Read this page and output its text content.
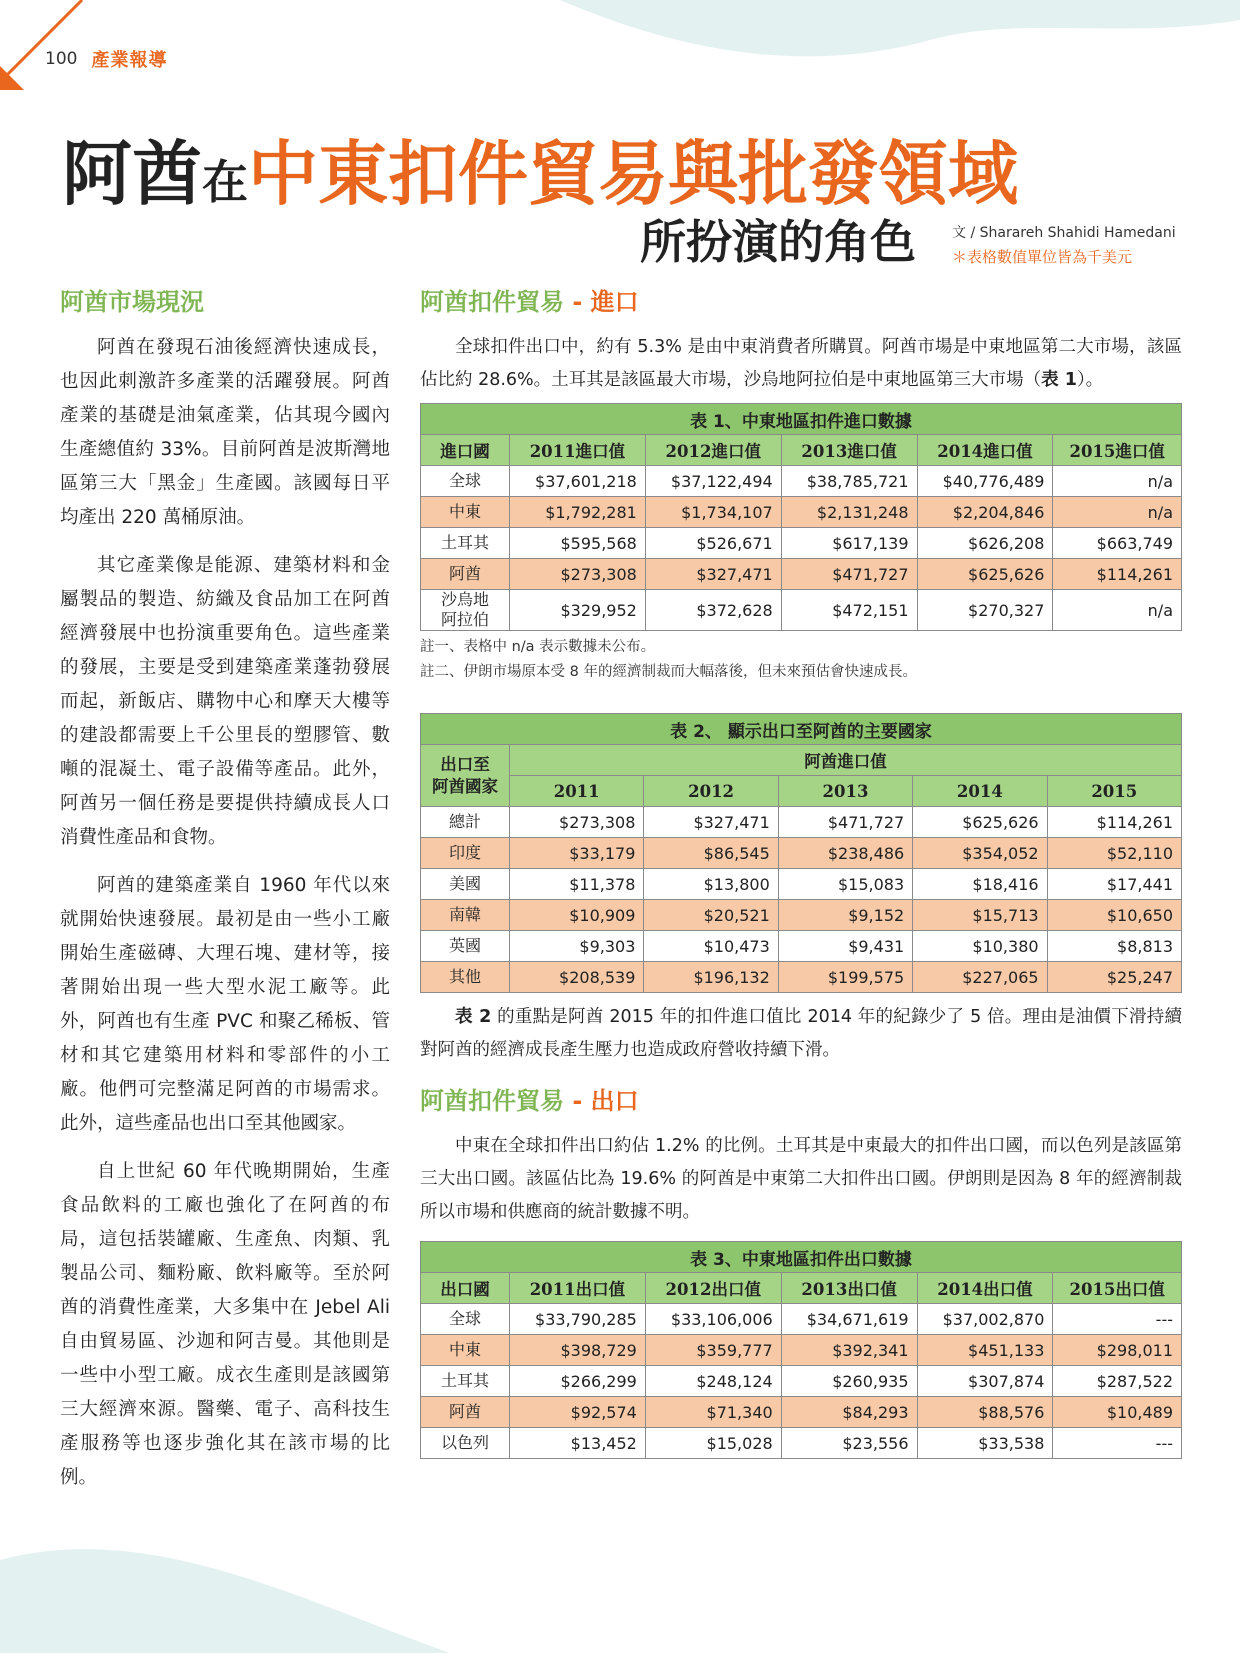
100 產業報導
阿酋在中東扣件貿易與批發領域
所扮演的角色	文 / Sharareh Shahidi Hamedani
＊表格數值單位皆為千美元
阿酋市場現況

阿酋在發現石油後經濟快速成長，也因此刺激許多產業的活躍發展。阿酋產業的基礎是油氣產業，佔其現今國內生產總值約 33%。目前阿酋是波斯灣地區第三大「黑金」生產國。該國每日平均產出 220 萬桶原油。

其它產業像是能源、建築材料和金屬製品的製造、紡織及食品加工在阿酋經濟發展中也扮演重要角色。這些產業的發展，主要是受到建築產業蓬勃發展而起，新飯店、購物中心和摩天大樓等的建設都需要上千公里長的塑膠管、數噸的混凝土、電子設備等產品。此外，阿酋另一個任務是要提供持續成長人口消費性產品和食物。

阿酋的建築產業自 1960 年代以來就開始快速發展。最初是由一些小工廠開始生產磁磚、大理石塊、建材等，接著開始出現一些大型水泥工廠等。此外，阿酋也有生產 PVC 和聚乙稀板、管材和其它建築用材料和零部件的小工廠。他們可完整滿足阿酋的市場需求。此外，這些產品也出口至其他國家。

自上世紀 60 年代晚期開始，生產食品飲料的工廠也強化了在阿酋的布局，這包括裝罐廠、生產魚、肉類、乳製品公司、麵粉廠、飲料廠等。至於阿酋的消費性產業，大多集中在 Jebel Ali 自由貿易區、沙迦和阿吉曼。其他則是一些中小型工廠。成衣生產則是該國第三大經濟來源。醫藥、電子、高科技生產服務等也逐步強化其在該市場的比例。

阿酋扣件貿易 - 進口

全球扣件出口中，約有 5.3% 是由中東消費者所購買。阿酋市場是中東地區第二大市場，該區佔比約 28.6%。土耳其是該區最大市場，沙烏地阿拉伯是中東地區第三大市場（表 1）。

表 1、中東地區扣件進口數據					
進口國	2011進口值	2012進口值	2013進口值	2014進口值	2015進口值
全球	$37,601,218	$37,122,494	$38,785,721	$40,776,489	n/a
中東	$1,792,281	$1,734,107	$2,131,248	$2,204,846	n/a
土耳其	$595,568	$526,671	$617,139	$626,208	$663,749
阿酋	$273,308	$327,471	$471,727	$625,626	$114,261
沙烏地
阿拉伯	$329,952	$372,628	$472,151	$270,327	n/a
註一、表格中 n/a 表示數據未公布。
註二、伊朗市場原本受 8 年的經濟制裁而大幅落後，但未來預估會快速成長。
表 2、 顯示出口至阿酋的主要國家					
出口至
阿酋國家	阿酋進口值				
	2011	2012	2013	2014	2015
總計	$273,308	$327,471	$471,727	$625,626	$114,261
印度	$33,179	$86,545	$238,486	$354,052	$52,110
美國	$11,378	$13,800	$15,083	$18,416	$17,441
南韓	$10,909	$20,521	$9,152	$15,713	$10,650
英國	$9,303	$10,473	$9,431	$10,380	$8,813
其他	$208,539	$196,132	$199,575	$227,065	$25,247

表 2 的重點是阿酋 2015 年的扣件進口值比 2014 年的紀錄少了 5 倍。理由是油價下滑持續對阿酋的經濟成長產生壓力也造成政府營收持續下滑。

阿酋扣件貿易 - 出口

中東在全球扣件出口約佔 1.2% 的比例。土耳其是中東最大的扣件出口國，而以色列是該區第三大出口國。該區佔比為 19.6% 的阿酋是中東第二大扣件出口國。伊朗則是因為 8 年的經濟制裁所以市場和供應商的統計數據不明。

表 3、中東地區扣件出口數據					
出口國	2011出口值	2012出口值	2013出口值	2014出口值	2015出口值
全球	$33,790,285	$33,106,006	$34,671,619	$37,002,870	---
中東	$398,729	$359,777	$392,341	$451,133	$298,011
土耳其	$266,299	$248,124	$260,935	$307,874	$287,522
阿酋	$92,574	$71,340	$84,293	$88,576	$10,489
以色列	$13,452	$15,028	$23,556	$33,538	---
